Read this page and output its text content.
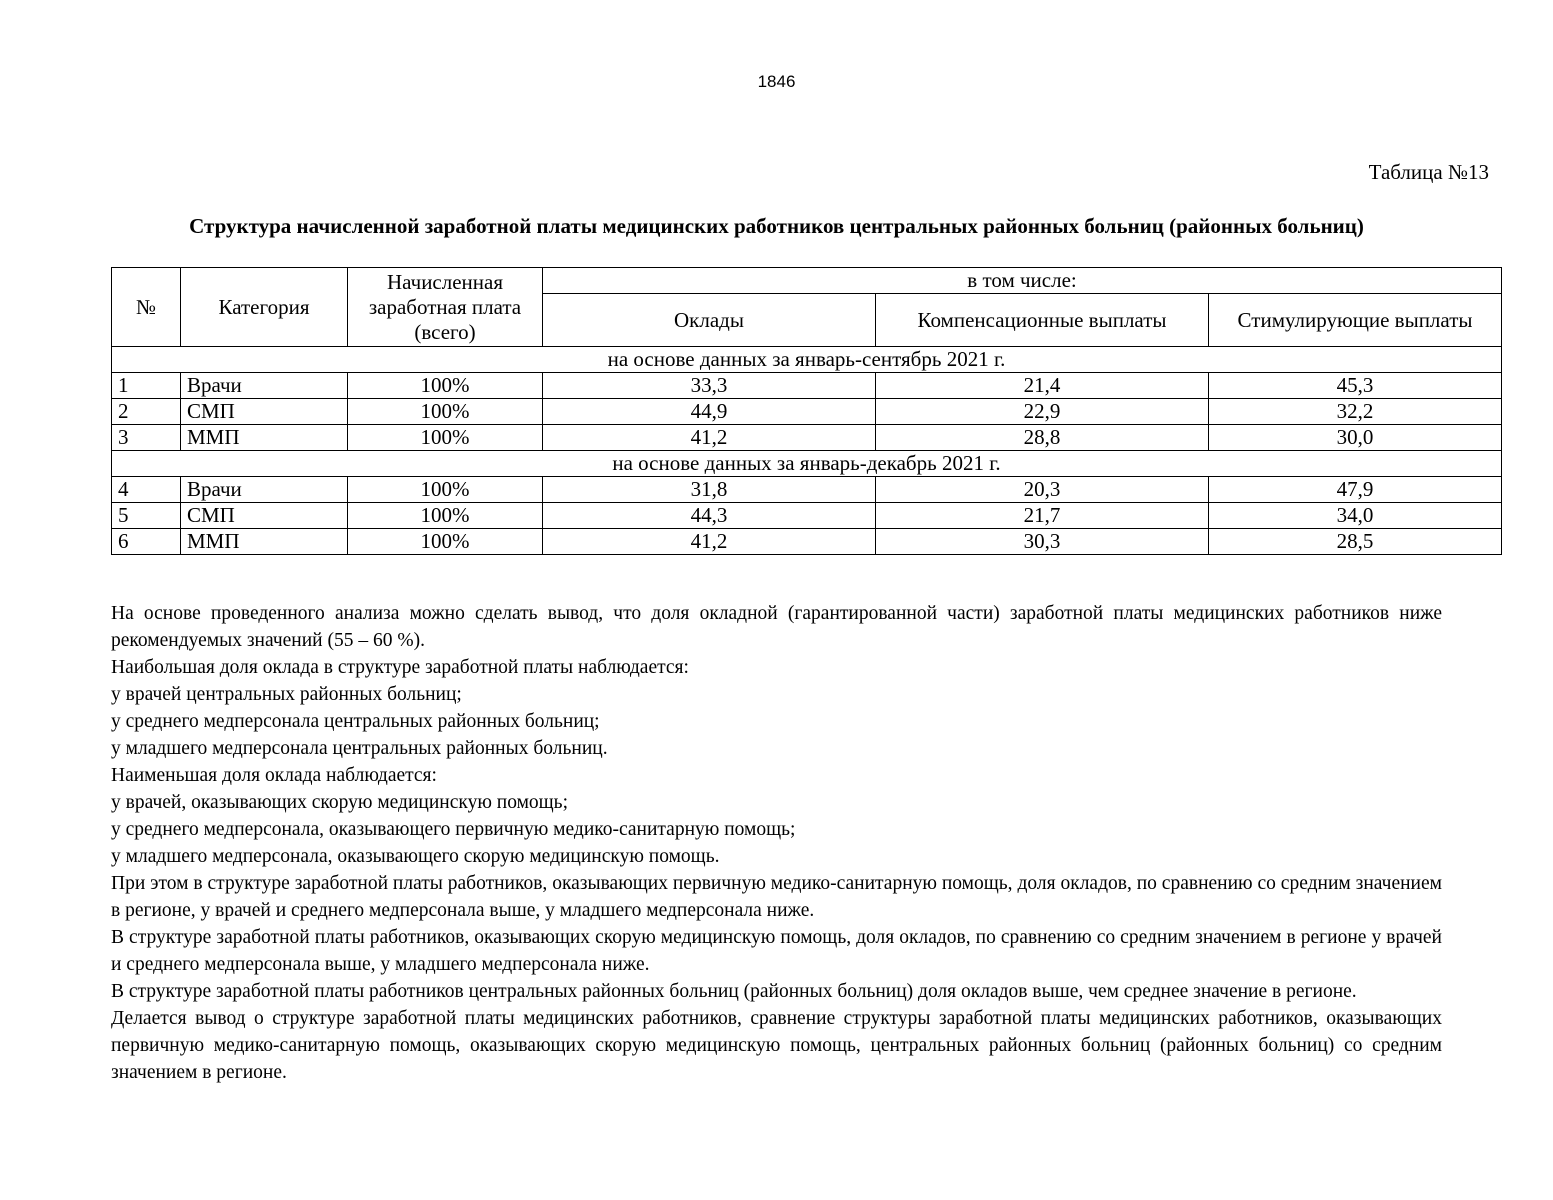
1846
Таблица №13
Структура начисленной заработной платы медицинских работников центральных районных больниц (районных больниц)
№	Категория	Начисленная заработная плата (всего)	в том числе:		
			Оклады	Компенсационные выплаты	Стимулирующие выплаты
на основе данных за январь-сентябрь 2021 г.					
1	Врачи	100%	33,3	21,4	45,3
2	СМП	100%	44,9	22,9	32,2
3	ММП	100%	41,2	28,8	30,0
на основе данных за январь-декабрь 2021 г.					
4	Врачи	100%	31,8	20,3	47,9
5	СМП	100%	44,3	21,7	34,0
6	ММП	100%	41,2	30,3	28,5

На основе проведенного анализа можно сделать вывод, что доля окладной (гарантированной части) заработной платы медицинских работников ниже рекомендуемых значений (55 – 60 %).

Наибольшая доля оклада в структуре заработной платы наблюдается:

у врачей центральных районных больниц;

у среднего медперсонала центральных районных больниц;

у младшего медперсонала центральных районных больниц.

Наименьшая доля оклада наблюдается:

у врачей, оказывающих скорую медицинскую помощь;

у среднего медперсонала, оказывающего первичную медико-санитарную помощь;

у младшего медперсонала, оказывающего скорую медицинскую помощь.

При этом в структуре заработной платы работников, оказывающих первичную медико-санитарную помощь, доля окладов, по сравнению со средним значением в регионе, у врачей и среднего медперсонала выше, у младшего медперсонала ниже.

В структуре заработной платы работников, оказывающих скорую медицинскую помощь, доля окладов, по сравнению со средним значением в регионе у врачей и среднего медперсонала выше, у младшего медперсонала ниже.

В структуре заработной платы работников центральных районных больниц (районных больниц) доля окладов выше, чем среднее значение в регионе.

Делается вывод о структуре заработной платы медицинских работников, сравнение структуры заработной платы медицинских работников, оказывающих первичную медико-санитарную помощь, оказывающих скорую медицинскую помощь, центральных районных больниц (районных больниц) со средним значением в регионе.
